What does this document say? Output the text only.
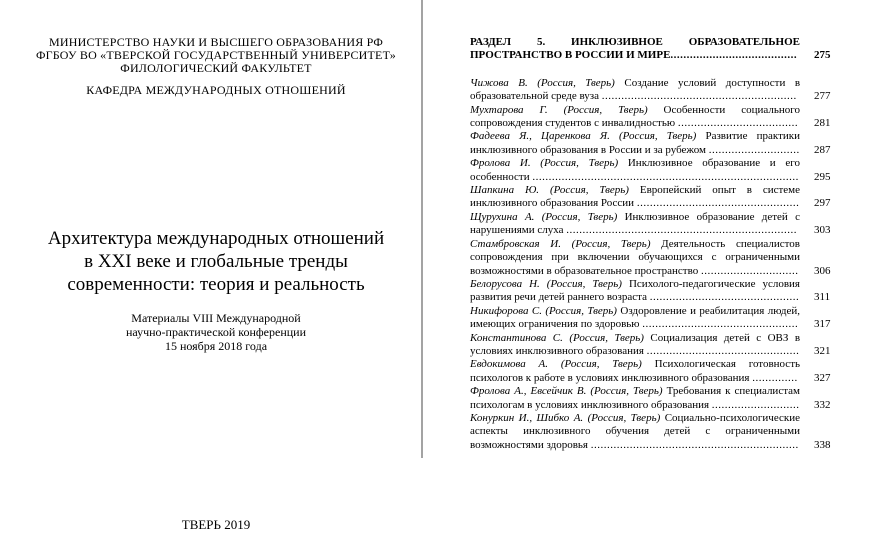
МИНИСТЕРСТВО НАУКИ И ВЫСШЕГО ОБРАЗОВАНИЯ РФ
ФГБОУ ВО «ТВЕРСКОЙ ГОСУДАРСТВЕННЫЙ УНИВЕРСИТЕТ»
ФИЛОЛОГИЧЕСКИЙ ФАКУЛЬТЕТ
КАФЕДРА МЕЖДУНАРОДНЫХ ОТНОШЕНИЙ
Архитектура международных отношений
в XXI веке и глобальные тренды
современности: теория и реальность
Материалы VIII Международной
научно-практической конференции
15 ноября 2018 года
ТВЕРЬ 2019
РАЗДЕЛ 5. ИНКЛЮЗИВНОЕ ОБРАЗОВАТЕЛЬНОЕ
ПРОСТРАНСТВО В РОССИИ И МИРЕ....................................... 275
Чижова В. (Россия, Тверь) Создание условий доступности в образовательной среде вуза ............................................................ 277
Мухтарова Г. (Россия, Тверь) Особенности социального сопровождения студентов с инвалидностью ..................................... 281
Фадеева Я., Царенкова Я. (Россия, Тверь) Развитие практики инклюзивного образования в России и за рубежом ............................ 287
Фролова И. (Россия, Тверь) Инклюзивное образование и его особенности .................................................................................. 295
Шапкина Ю. (Россия, Тверь) Европейский опыт в системе инклюзивного образования России .................................................. 297
Щурухина А. (Россия, Тверь) Инклюзивное образование детей с нарушениями слуха ....................................................................... 303
Стамбровская И. (Россия, Тверь) Деятельность специалистов сопровождения при включении обучающихся с ограниченными возможностями в образовательное пространство .............................. 306
Белорусова Н. (Россия, Тверь) Психолого-педагогические условия развития речи детей раннего возраста .............................................. 311
Никифорова С. (Россия, Тверь) Оздоровление и реабилитация людей, имеющих ограничения по здоровью ................................................ 317
Константинова С. (Россия, Тверь) Социализация детей с ОВЗ в условиях инклюзивного образования ............................................... 321
Евдокимова А. (Россия, Тверь) Психологическая готовность психологов к работе в условиях инклюзивного образования .............. 327
Фролова А., Евсейчик В. (Россия, Тверь) Требования к специалистам психологам в условиях инклюзивного образования ........................... 332
Конуркин И., Шибко А. (Россия, Тверь) Социально-психологические аспекты инклюзивного обучения детей с ограниченными возможностями здоровья ................................................................ 338
